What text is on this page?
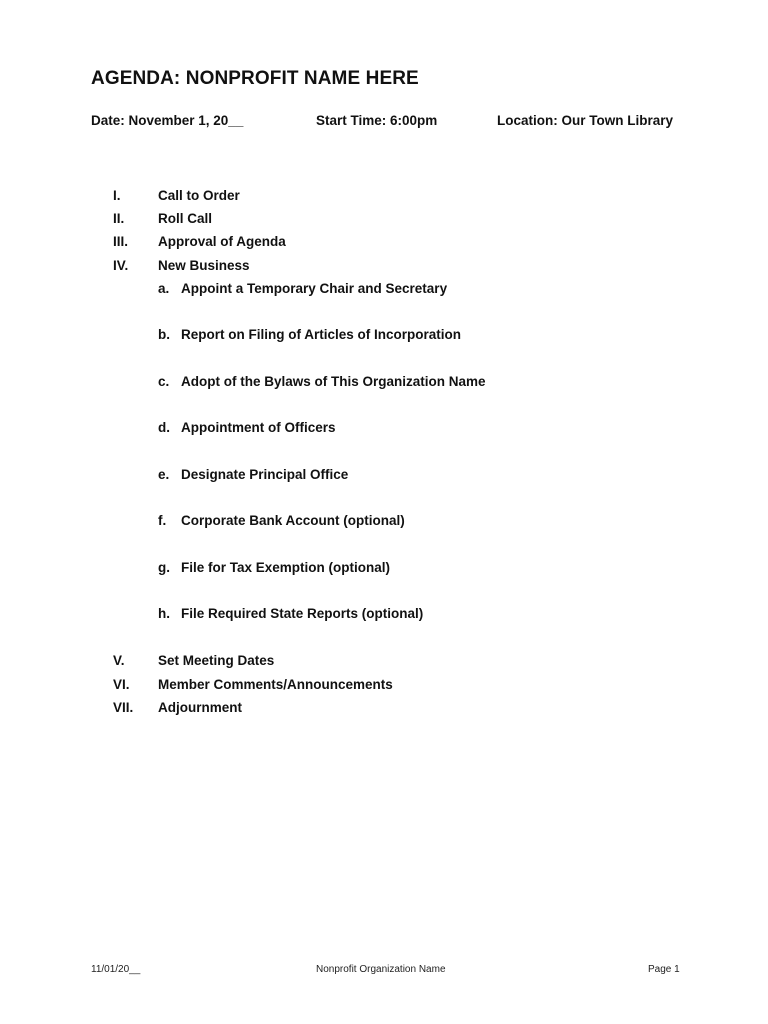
AGENDA: NONPROFIT NAME HERE
Date: November 1, 20__	Start Time: 6:00pm	Location: Our Town Library
I.	Call to Order
II. Roll Call
III. Approval of Agenda
IV. New Business
a. Appoint a Temporary Chair and Secretary
b. Report on Filing of Articles of Incorporation
c. Adopt of the Bylaws of This Organization Name
d. Appointment of Officers
e. Designate Principal Office
f. Corporate Bank Account (optional)
g. File for Tax Exemption (optional)
h. File Required State Reports (optional)
V. Set Meeting Dates
VI. Member Comments/Announcements
VII. Adjournment
11/01/20__	Nonprofit Organization Name	Page 1
